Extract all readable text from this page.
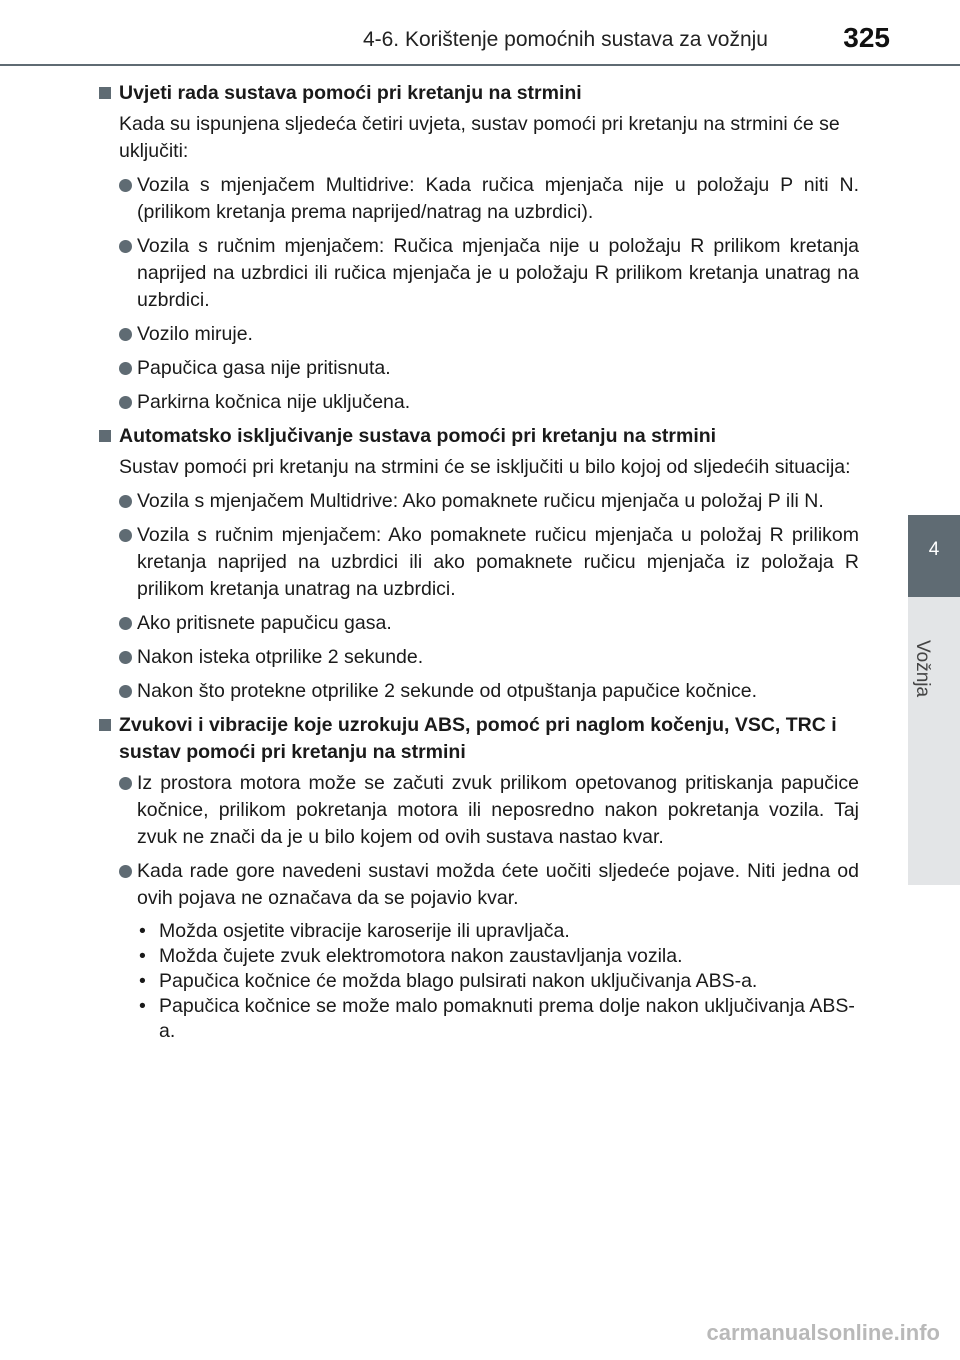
4-6. Korištenje pomoćnih sustava za vožnju	325
4
Vožnja
Uvjeti rada sustava pomoći pri kretanju na strmini
Kada su ispunjena sljedeća četiri uvjeta, sustav pomoći pri kretanju na strmini će se uključiti:
Vozila s mjenjačem Multidrive: Kada ručica mjenjača nije u položaju P niti N. (prilikom kretanja prema naprijed/natrag na uzbrdici).
Vozila s ručnim mjenjačem: Ručica mjenjača nije u položaju R prilikom kretanja naprijed na uzbrdici ili ručica mjenjača je u položaju R prilikom kretanja unatrag na uzbrdici.
Vozilo miruje.
Papučica gasa nije pritisnuta.
Parkirna kočnica nije uključena.
Automatsko isključivanje sustava pomoći pri kretanju na strmini
Sustav pomoći pri kretanju na strmini će se isključiti u bilo kojoj od sljedećih situacija:
Vozila s mjenjačem Multidrive: Ako pomaknete ručicu mjenjača u položaj P ili N.
Vozila s ručnim mjenjačem: Ako pomaknete ručicu mjenjača u položaj R prilikom kretanja naprijed na uzbrdici ili ako pomaknete ručicu mjenjača iz položaja R prilikom kretanja unatrag na uzbrdici.
Ako pritisnete papučicu gasa.
Nakon isteka otprilike 2 sekunde.
Nakon što protekne otprilike 2 sekunde od otpuštanja papučice kočnice.
Zvukovi i vibracije koje uzrokuju ABS, pomoć pri naglom kočenju, VSC, TRC i sustav pomoći pri kretanju na strmini
Iz prostora motora može se začuti zvuk prilikom opetovanog pritiskanja papučice kočnice, prilikom pokretanja motora ili neposredno nakon pokretanja vozila. Taj zvuk ne znači da je u bilo kojem od ovih sustava nastao kvar.
Kada rade gore navedeni sustavi možda ćete uočiti sljedeće pojave. Niti jedna od ovih pojava ne označava da se pojavio kvar.
• Možda osjetite vibracije karoserije ili upravljača.
• Možda čujete zvuk elektromotora nakon zaustavljanja vozila.
• Papučica kočnice će možda blago pulsirati nakon uključivanja ABS-a.
• Papučica kočnice se može malo pomaknuti prema dolje nakon uključivanja ABS-a.
carmanualsonline.info
